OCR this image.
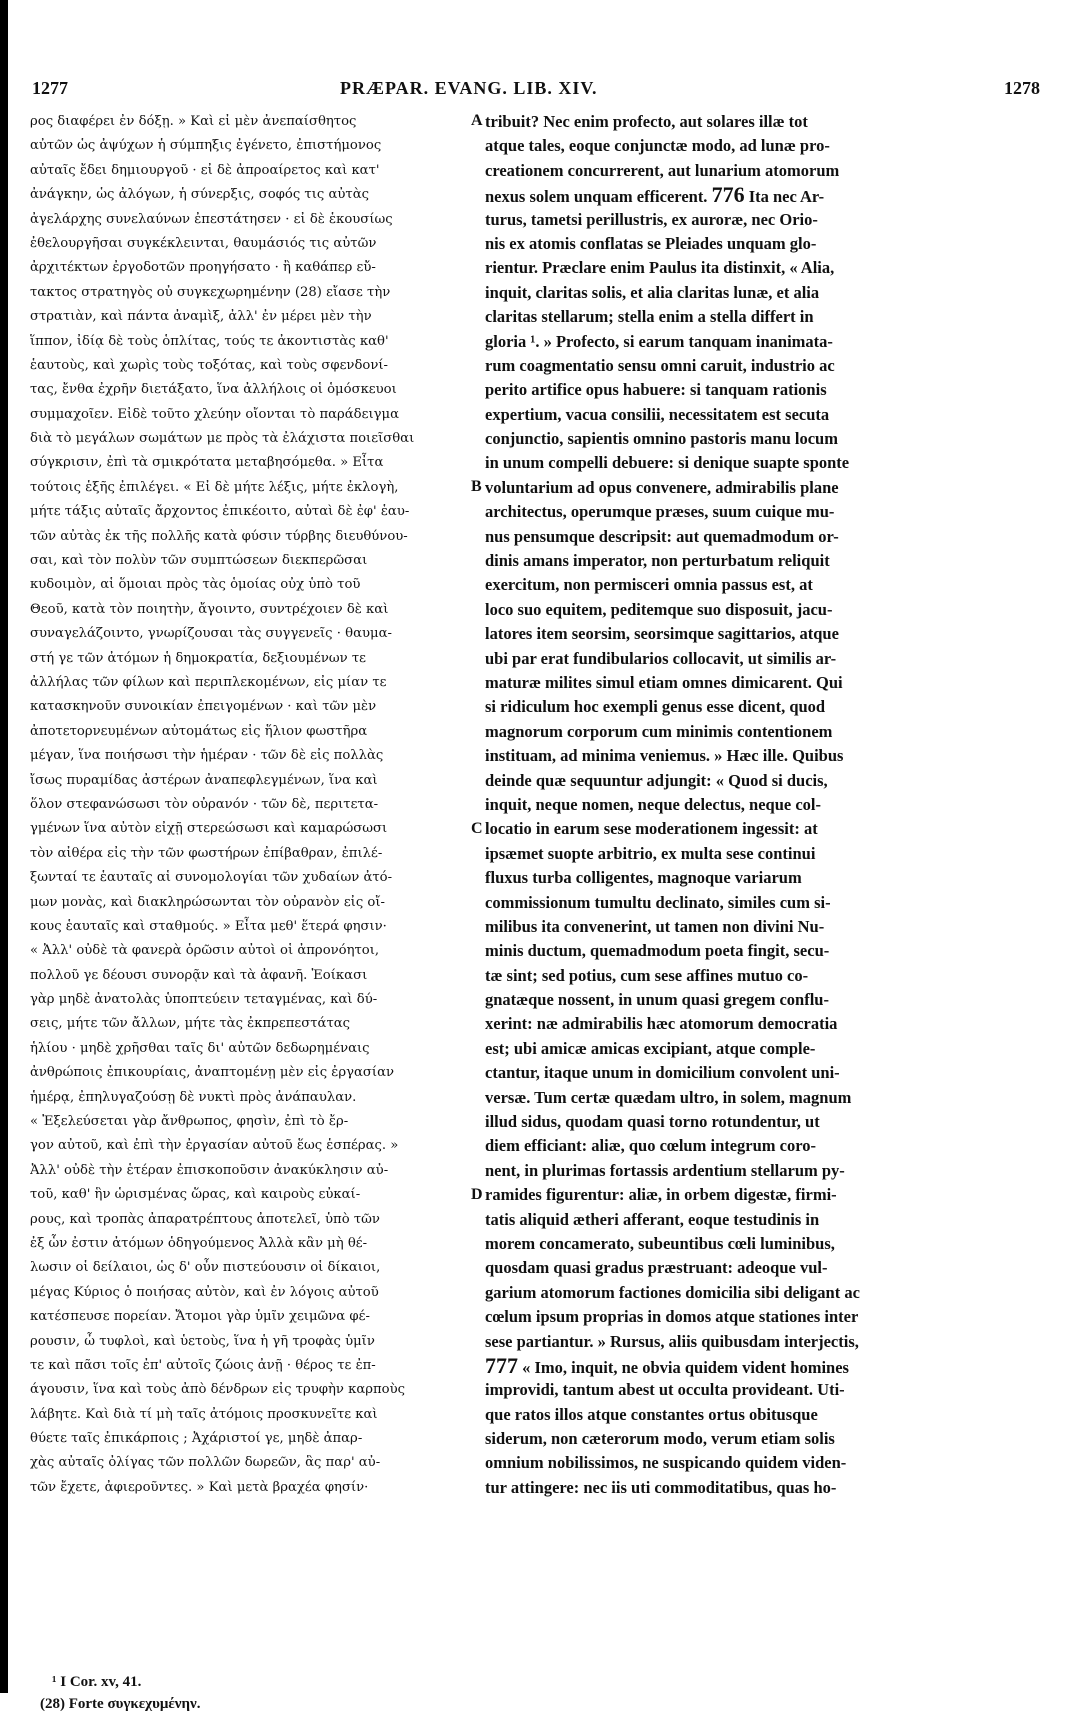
1277	PRÆPAR. EVANG. LIB. XIV.	1278
ρος διαφέρει ἐν δόξῃ. » Καὶ εἰ μὲν ἀνεπαίσθητος
αὐτῶν ὡς ἀψύχων ἡ σύμπηξις ἐγένετο, ἐπιστήμονος
αὐταῖς ἔδει δημιουργοῦ · εἰ δὲ ἀπροαίρετος καὶ κατ'
ἀνάγκην, ὡς ἀλόγων, ἡ σύνερξις, σοφός τις αὐτὰς
ἀγελάρχης συνελαύνων ἐπεστάτησεν · εἰ δὲ ἑκουσίως
ἐθελουργῆσαι συγκέκλεινται, θαυμάσιός τις αὐτῶν
ἀρχιτέκτων ἐργοδοτῶν προηγήσατο · ἢ καθάπερ εὔ-
τακτος στρατηγὸς οὐ συγκεχωρημένην (28) εἴασε τὴν
στρατιὰν, καὶ πάντα ἀναμὶξ, ἀλλ' ἐν μέρει μὲν τὴν
ἵππον, ἰδίᾳ δὲ τοὺς ὁπλίτας, τούς τε ἀκοντιστὰς καθ'
ἑαυτοὺς, καὶ χωρὶς τοὺς τοξότας, καὶ τοὺς σφενδονί-
τας, ἔνθα ἐχρῆν διετάξατο, ἵνα ἀλλήλοις οἱ ὁμόσκευοι
συμμαχοῖεν. Εἰδὲ τοῦτο χλεύην οἴονται τὸ παράδειγμα
διὰ τὸ μεγάλων σωμάτων με πρὸς τὰ ἐλάχιστα ποιεῖσθαι
σύγκρισιν, ἐπὶ τὰ σμικρότατα μεταβησόμεθα. » Εἶτα
τούτοις ἑξῆς ἐπιλέγει. « Εἰ δὲ μήτε λέξις, μήτε ἐκλογὴ,
μήτε τάξις αὐταῖς ἄρχοντος ἐπικέοιτο, αὐταὶ δὲ ἐφ' ἑαυ-
τῶν αὐτὰς ἐκ τῆς πολλῆς κατὰ φύσιν τύρβης διευθύνου-
σαι, καὶ τὸν πολὺν τῶν συμπτώσεων διεκπερῶσαι
κυδοιμὸν, αἱ ὅμοιαι πρὸς τὰς ὁμοίας οὐχ ὑπὸ τοῦ
Θεοῦ, κατὰ τὸν ποιητὴν, ἄγοιντο, συντρέχοιεν δὲ καὶ
συναγελάζοιντο, γνωρίζουσαι τὰς συγγενεῖς · θαυμα-
στή γε τῶν ἀτόμων ἡ δημοκρατία, δεξιουμένων τε
ἀλλήλας τῶν φίλων καὶ περιπλεκομένων, εἰς μίαν τε
κατασκηνοῦν συνοικίαν ἐπειγομένων · καὶ τῶν μὲν
ἀποτετορνευμένων αὐτομάτως εἰς ἥλιον φωστῆρα
μέγαν, ἵνα ποιήσωσι τὴν ἡμέραν · τῶν δὲ εἰς πολλὰς
ἴσως πυραμίδας ἀστέρων ἀναπεφλεγμένων, ἵνα καὶ
ὅλον στεφανώσωσι τὸν οὐρανόν · τῶν δὲ, περιτετα-
γμένων ἵνα αὐτὸν εἰχῇ στερεώσωσι καὶ καμαρώσωσι
τὸν αἰθέρα εἰς τὴν τῶν φωστήρων ἐπίβαθραν, ἐπιλέ-
ξωνταί τε ἑαυταῖς αἱ συνομολογίαι τῶν χυδαίων ἀτό-
μων μονὰς, καὶ διακληρώσωνται τὸν οὐρανὸν εἰς οἴ-
κους ἑαυταῖς καὶ σταθμούς. » Εἶτα μεθ' ἕτερά φησιν·
« Ἀλλ' οὐδὲ τὰ φανερὰ ὁρῶσιν αὐτοὶ οἱ ἀπρονόητοι,
πολλοῦ γε δέουσι συνορᾷν καὶ τὰ ἀφανῆ. Ἐοίκασι
γὰρ μηδὲ ἀνατολὰς ὑποπτεύειν τεταγμένας, καὶ δύ-
σεις, μήτε τῶν ἄλλων, μήτε τὰς ἐκπρεπεστάτας
ἡλίου · μηδὲ χρῆσθαι ταῖς δι' αὐτῶν δεδωρημέναις
ἀνθρώποις ἐπικουρίαις, ἀναπτομένῃ μὲν εἰς ἐργασίαν
ἡμέρᾳ, ἐπηλυγαζούσῃ δὲ νυκτὶ πρὸς ἀνάπαυλαν.
« Ἐξελεύσεται γὰρ ἄνθρωπος, φησὶν, ἐπὶ τὸ ἔρ-
γον αὐτοῦ, καὶ ἐπὶ τὴν ἐργασίαν αὐτοῦ ἕως ἑσπέρας. »
Ἀλλ' οὐδὲ τὴν ἑτέραν ἐπισκοποῦσιν ἀνακύκλησιν αὐ-
τοῦ, καθ' ἣν ὡρισμένας ὥρας, καὶ καιροὺς εὐκαί-
ρους, καὶ τροπὰς ἀπαρατρέπτους ἀποτελεῖ, ὑπὸ τῶν
ἐξ ὧν ἐστιν ἀτόμων ὁδηγούμενος Ἀλλὰ κἂν μὴ θέ-
λωσιν οἱ δείλαιοι, ὡς δ' οὖν πιστεύουσιν οἱ δίκαιοι,
μέγας Κύριος ὁ ποιήσας αὐτὸν, καὶ ἐν λόγοις αὐτοῦ
κατέσπευσε πορείαν. Ἄτομοι γὰρ ὑμῖν χειμῶνα φέ-
ρουσιν, ὦ τυφλοὶ, καὶ ὑετοὺς, ἵνα ἡ γῆ τροφὰς ὑμῖν
τε καὶ πᾶσι τοῖς ἐπ' αὐτοῖς ζώοις ἀνῇ · θέρος τε ἐπ-
άγουσιν, ἵνα καὶ τοὺς ἀπὸ δένδρων εἰς τρυφὴν καρποὺς
λάβητε. Καὶ διὰ τί μὴ ταῖς ἀτόμοις προσκυνεῖτε καὶ
θύετε ταῖς ἐπικάρποις ; Ἀχάριστοί γε, μηδὲ ἀπαρ-
χὰς αὐταῖς ὀλίγας τῶν πολλῶν δωρεῶν, ἃς παρ' αὐ-
τῶν ἔχετε, ἀφιεροῦντες. » Καὶ μετὰ βραχέα φησίν·
tribuit? Nec enim profecto, aut solares illæ tot
atque tales, eoque conjunctæ modo, ad lunæ pro-
creationem concurrerent, aut lunarium atomorum
nexus solem unquam efficerent. 776 Ita nec Ar-
turus, tametsi perillustris, ex auroræ, nec Orio-
nis ex atomis conflatas se Pleiades unquam glo-
rientur. Præclare enim Paulus ita distinxit, « Alia,
inquit, claritas solis, et alia claritas lunæ, et alia
claritas stellarum; stella enim a stella differt in
gloria ¹. » Profecto, si earum tanquam inanimata-
rum coagmentatio sensu omni caruit, industrio ac
perito artifice opus habuere: si tanquam rationis
expertium, vacua consilii, necessitatem est secuta
conjunctio, sapientis omnino pastoris manu locum
in unum compelli debuere: si denique suapte sponte
voluntarium ad opus convenere, admirabilis plane
architectus, operumque præses, suum cuique mu-
nus pensumque descripsit: aut quemadmodum or-
dinis amans imperator, non perturbatum reliquit
exercitum, non permisceri omnia passus est, at
loco suo equitem, peditemque suo disposuit, jacu-
latores item seorsim, seorsimque sagittarios, atque
ubi par erat fundibularios collocavit, ut similis ar-
maturæ milites simul etiam omnes dimicarent. Qui
si ridiculum hoc exempli genus esse dicent, quod
magnorum corporum cum minimis contentionem
instituam, ad minima veniemus. » Hæc ille. Quibus
deinde quæ sequuntur adjungit: « Quod si ducis,
inquit, neque nomen, neque delectus, neque col-
locatio in earum sese moderationem ingessit: at
ipsæmet suopte arbitrio, ex multa sese continui
fluxus turba colligentes, magnoque variarum
commissionum tumultu declinato, similes cum si-
milibus ita convenerint, ut tamen non divini Nu-
minis ductum, quemadmodum poeta fingit, secu-
tæ sint; sed potius, cum sese affines mutuo co-
gnatæque nossent, in unum quasi gregem conflu-
xerint: næ admirabilis hæc atomorum democratia
est; ubi amicæ amicas excipiant, atque comple-
ctantur, itaque unum in domicilium convolent uni-
versæ. Tum certæ quædam ultro, in solem, magnum
illud sidus, quodam quasi torno rotundentur, ut
diem efficiant: aliæ, quo cœlum integrum coro-
nent, in plurimas fortassis ardentium stellarum py-
ramides figurentur: aliæ, in orbem digestæ, firmi-
tatis aliquid ætheri afferant, eoque testudinis in
morem concamerato, subeuntibus cœli luminibus,
quosdam quasi gradus præstruant: adeoque vul-
garium atomorum factiones domicilia sibi deligant ac
cœlum ipsum proprias in domos atque stationes inter
sese partiantur. » Rursus, aliis quibusdam interjectis,
777 « Imo, inquit, ne obvia quidem vident homines
improvidi, tantum abest ut occulta provideant. Uti-
que ratos illos atque constantes ortus obitusque
siderum, non cæterorum modo, verum etiam solis
omnium nobilissimos, ne suspicando quidem viden-
tur attingere: nec iis uti commoditatibus, quas ho-
A
B
C
D
¹ I Cor. xv, 41.
(28) Forte συγκεχυμένην.
